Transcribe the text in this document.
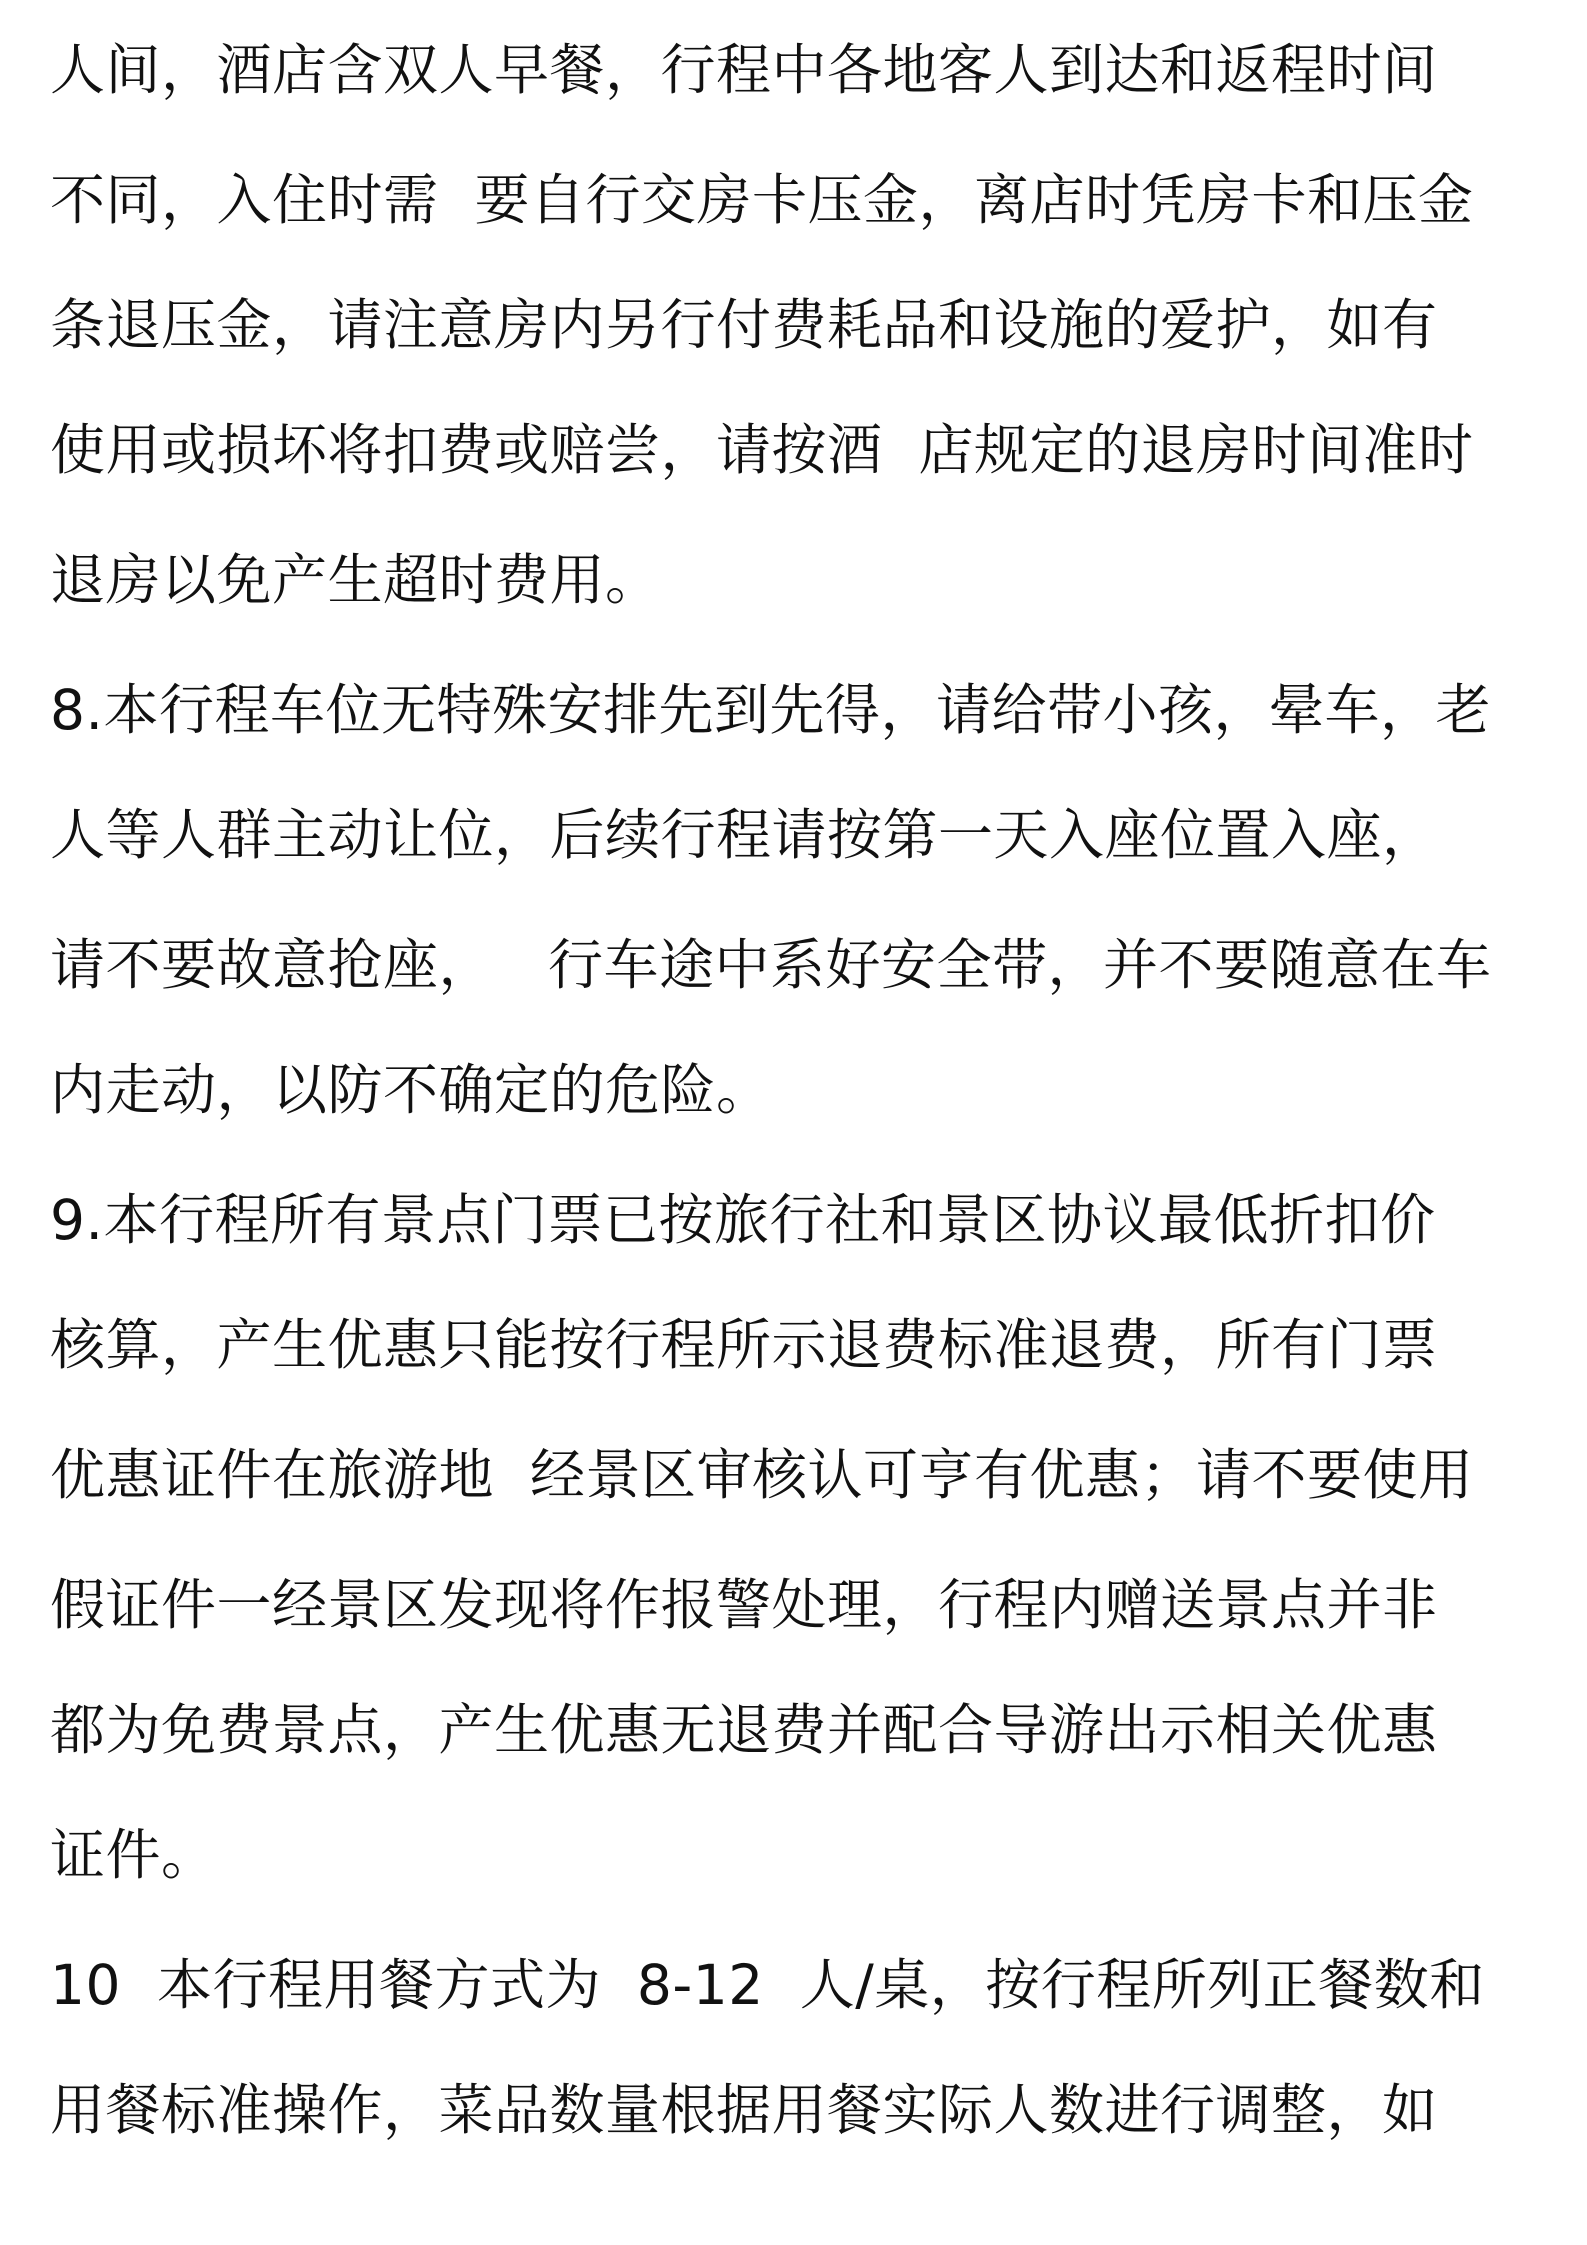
人间，酒店含双人早餐，行程中各地客人到达和返程时间
不同，入住时需  要自行交房卡压金，离店时凭房卡和压金
条退压金，请注意房内另行付费耗品和设施的爱护，如有
使用或损坏将扣费或赔尝，请按酒  店规定的退房时间准时
退房以免产生超时费用。
8.本行程车位无特殊安排先到先得，请给带小孩，晕车，老
人等人群主动让位，后续行程请按第一天入座位置入座，
请不要故意抢座，   行车途中系好安全带，并不要随意在车
内走动，以防不确定的危险。
9.本行程所有景点门票已按旅行社和景区协议最低折扣价
核算，产生优惠只能按行程所示退费标准退费，所有门票
优惠证件在旅游地  经景区审核认可亨有优惠；请不要使用
假证件一经景区发现将作报警处理，行程内赠送景点并非
都为免费景点，产生优惠无退费并配合导游出示相关优惠
证件。
10  本行程用餐方式为  8-12  人/桌，按行程所列正餐数和
用餐标准操作，菜品数量根据用餐实际人数进行调整，如
